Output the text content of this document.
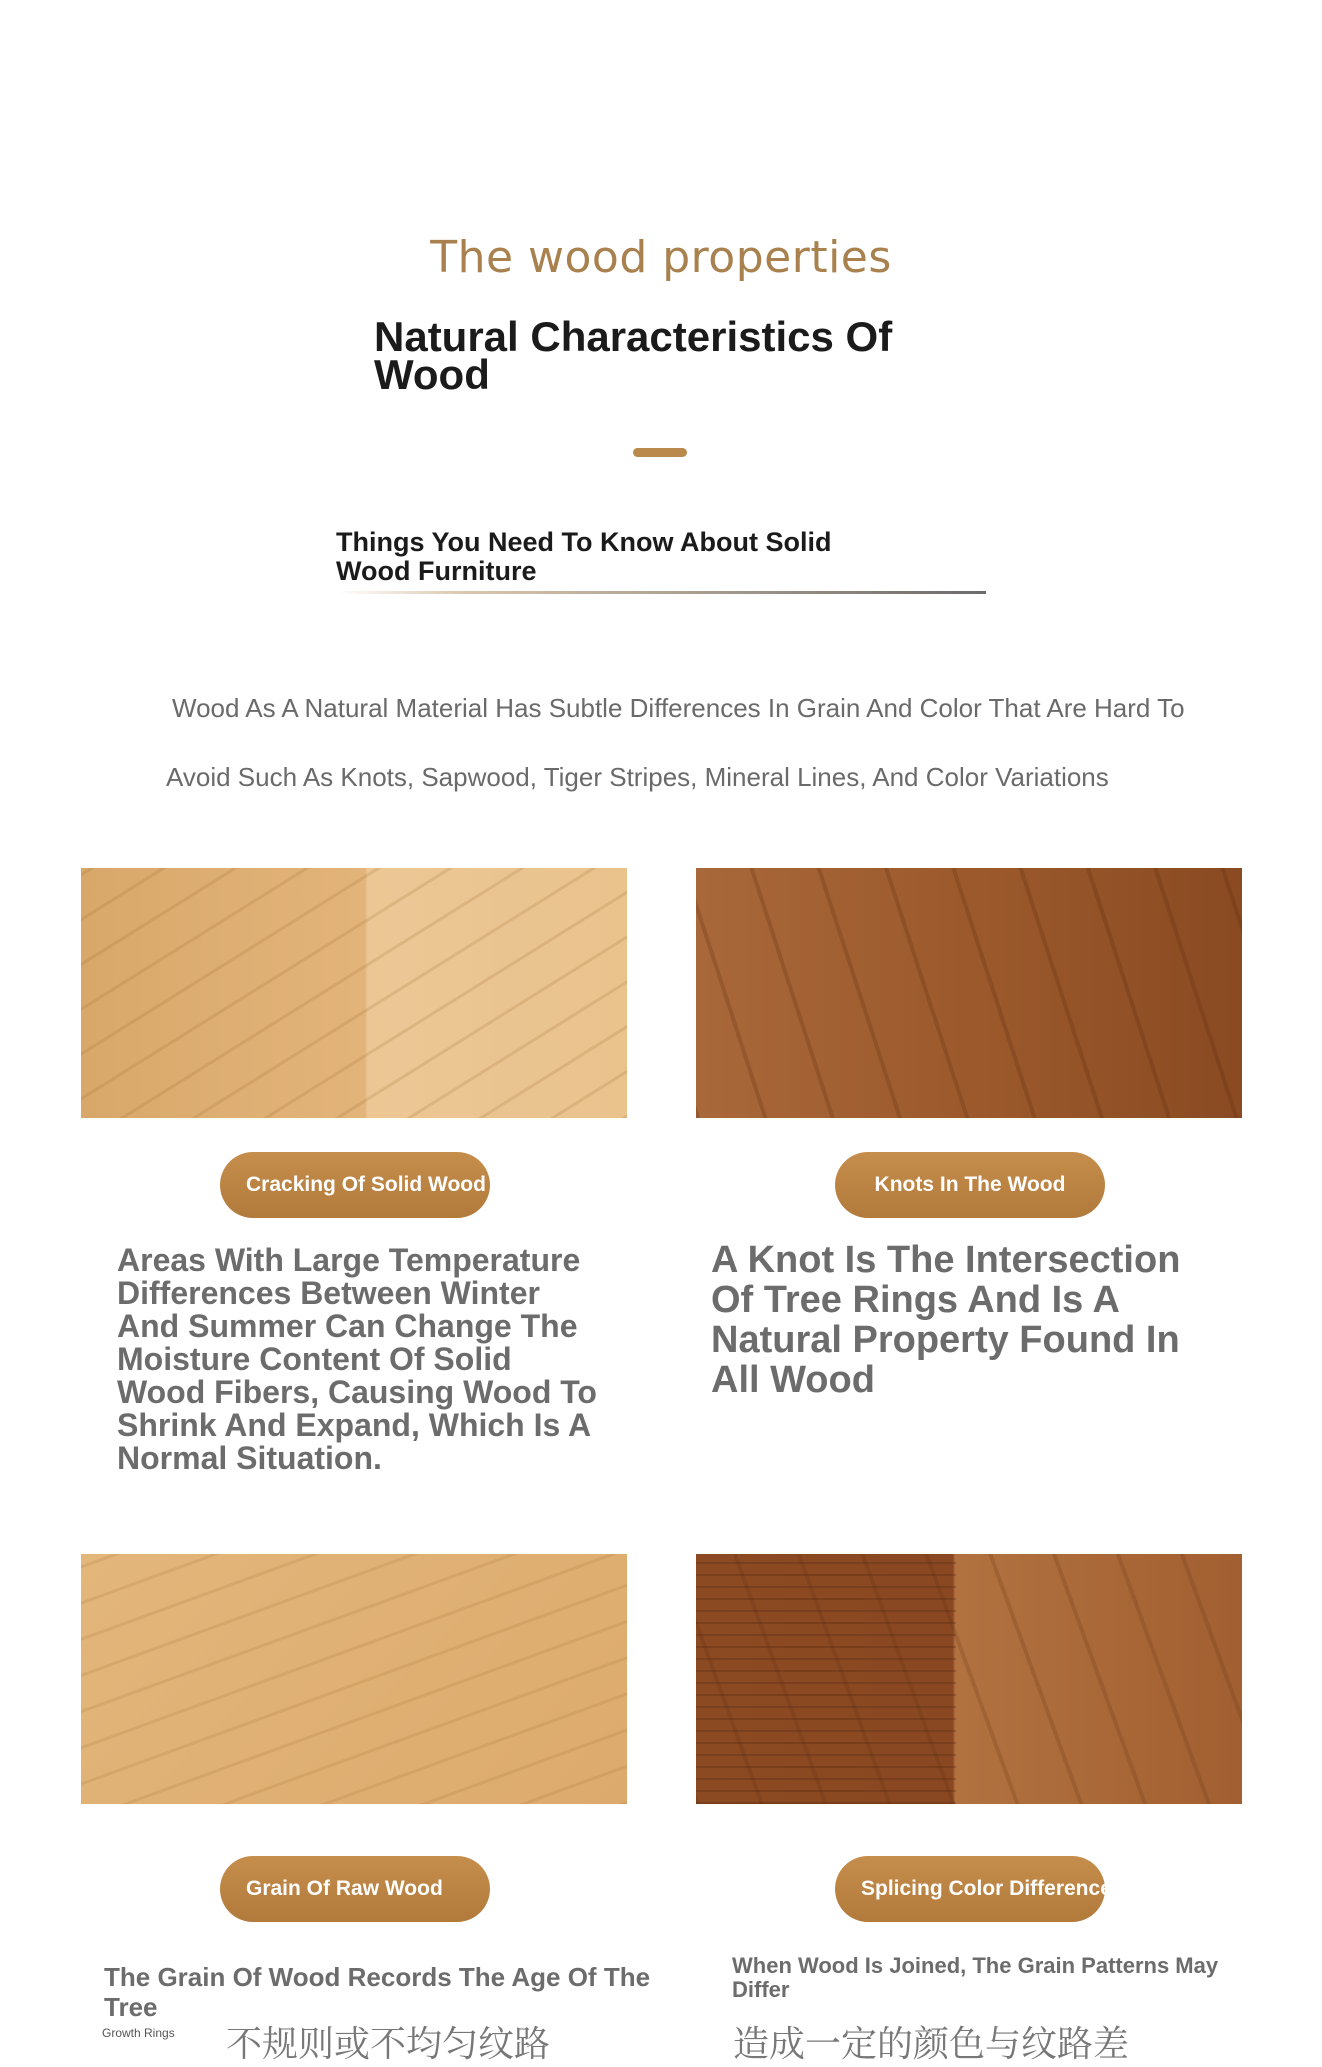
The wood properties
Natural Characteristics Of Wood
Things You Need To Know About Solid Wood Furniture
Wood As A Natural Material Has Subtle Differences In Grain And Color That Are Hard To
Avoid Such As Knots, Sapwood, Tiger Stripes, Mineral Lines, And Color Variations
Cracking Of Solid Wood
Areas With Large Temperature Differences Between Winter And Summer Can Change The Moisture Content Of Solid Wood Fibers, Causing Wood To Shrink And Expand, Which Is A Normal Situation.
Knots In The Wood
A Knot Is The Intersection Of Tree Rings And Is A Natural Property Found In All Wood
Grain Of Raw Wood
The Grain Of Wood Records The Age Of The Tree
Growth Rings 不规则或不均匀纹路
Splicing Color Differences
When Wood Is Joined, The Grain Patterns May Differ
造成一定的颜色与纹路差
